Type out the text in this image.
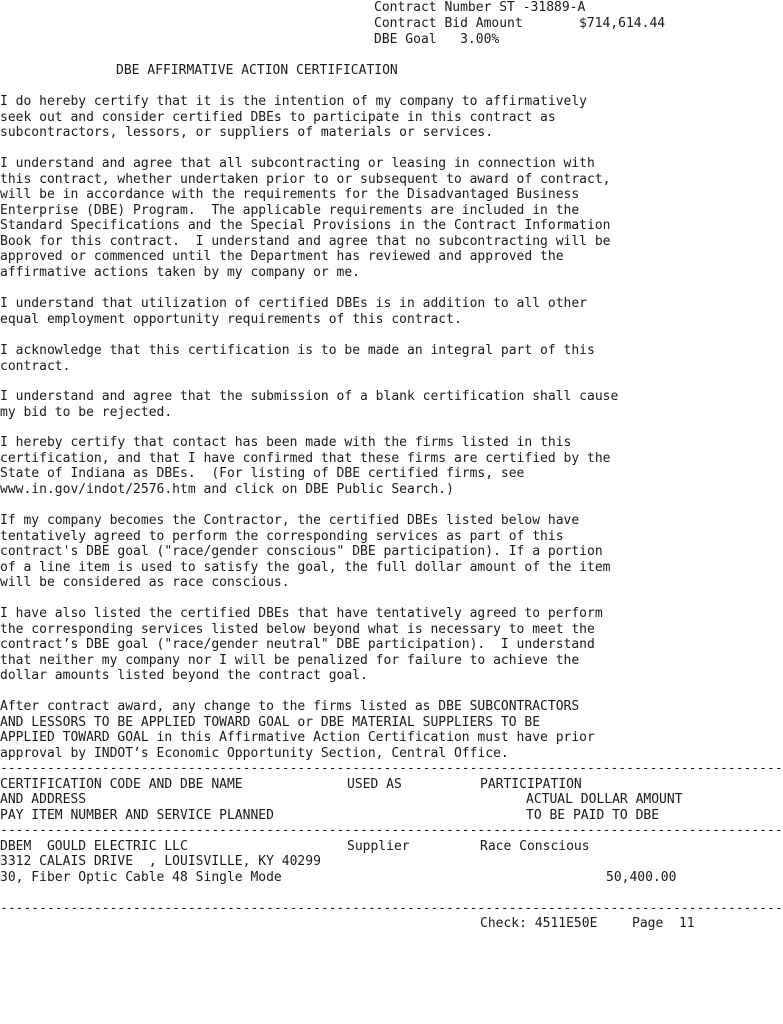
Contract Number ST -31889-A
Contract Bid Amount	$714,614.44
DBE Goal 3.00%
DBE AFFIRMATIVE ACTION CERTIFICATION
I do hereby certify that it is the intention of my company to affirmatively
seek out and consider certified DBEs to participate in this contract as
subcontractors, lessors, or suppliers of materials or services.
I understand and agree that all subcontracting or leasing in connection with
this contract, whether undertaken prior to or subsequent to award of contract,
will be in accordance with the requirements for the Disadvantaged Business
Enterprise (DBE) Program.  The applicable requirements are included in the
Standard Specifications and the Special Provisions in the Contract Information
Book for this contract.  I understand and agree that no subcontracting will be
approved or commenced until the Department has reviewed and approved the
affirmative actions taken by my company or me.
I understand that utilization of certified DBEs is in addition to all other
equal employment opportunity requirements of this contract.
I acknowledge that this certification is to be made an integral part of this
contract.
I understand and agree that the submission of a blank certification shall cause
my bid to be rejected.
I hereby certify that contact has been made with the firms listed in this
certification, and that I have confirmed that these firms are certified by the
State of Indiana as DBEs.  (For listing of DBE certified firms, see
www.in.gov/indot/2576.htm and click on DBE Public Search.)
If my company becomes the Contractor, the certified DBEs listed below have
tentatively agreed to perform the corresponding services as part of this
contract's DBE goal ("race/gender conscious" DBE participation). If a portion
of a line item is used to satisfy the goal, the full dollar amount of the item
will be considered as race conscious.
I have also listed the certified DBEs that have tentatively agreed to perform
the corresponding services listed below beyond what is necessary to meet the
contract’s DBE goal ("race/gender neutral" DBE participation).  I understand
that neither my company nor I will be penalized for failure to achieve the
dollar amounts listed beyond the contract goal.
After contract award, any change to the firms listed as DBE SUBCONTRACTORS
AND LESSORS TO BE APPLIED TOWARD GOAL or DBE MATERIAL SUPPLIERS TO BE
APPLIED TOWARD GOAL in this Affirmative Action Certification must have prior
approval by INDOT’s Economic Opportunity Section, Central Office.
----------------------------------------------------------------------------------------------------
CERTIFICATION CODE AND DBE NAME	USED AS	PARTICIPATION
AND ADDRESS	ACTUAL DOLLAR AMOUNT
PAY ITEM NUMBER AND SERVICE PLANNED	TO BE PAID TO DBE
----------------------------------------------------------------------------------------------------
DBEM  GOULD ELECTRIC LLC	Supplier	Race Conscious
3312 CALAIS DRIVE  , LOUISVILLE, KY 40299
30, Fiber Optic Cable 48 Single Mode	50,400.00
----------------------------------------------------------------------------------------------------
Check: 4511E50E	Page  11
